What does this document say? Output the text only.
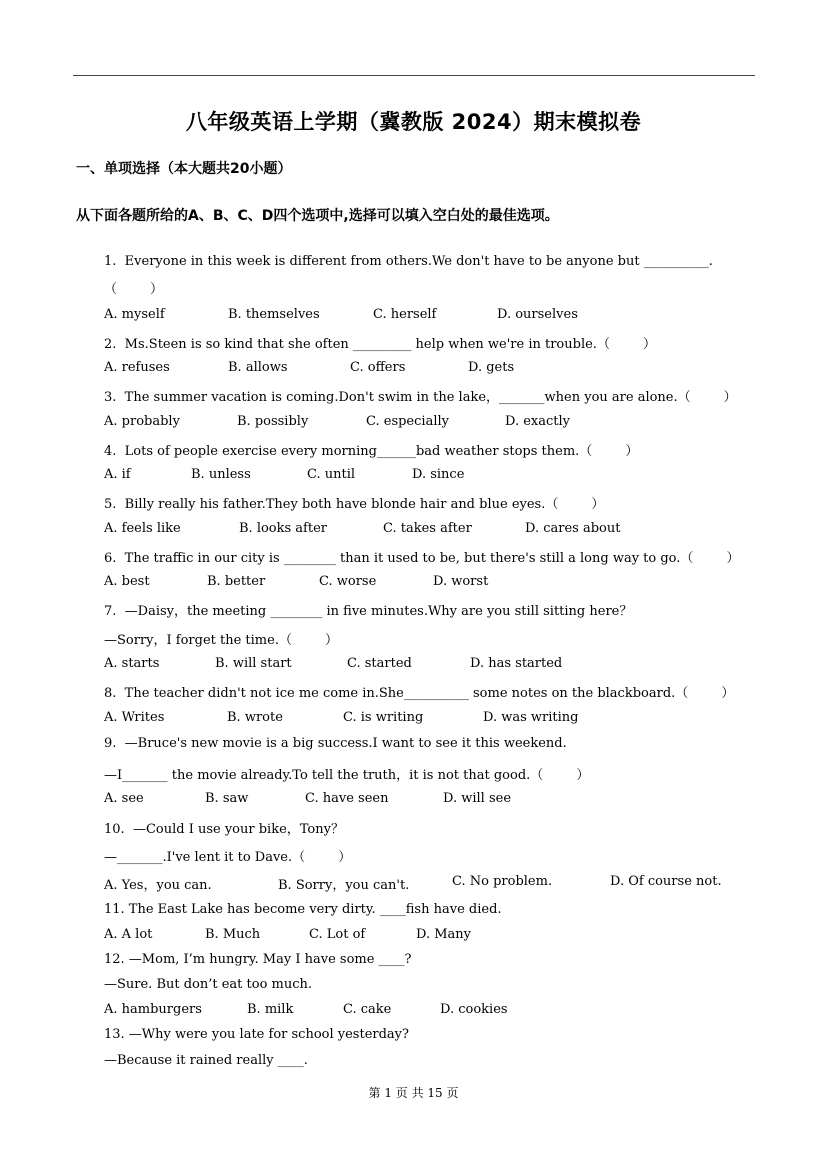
八年级英语上学期（冀教版 2024）期末模拟卷
一、单项选择（本大题共20小题）
从下面各题所给的A、B、C、D四个选项中,选择可以填入空白处的最佳选项。
1.  Everyone in this week is different from others.We don't have to be anyone but __________.
（        ）
A. myself	B. themselves	C. herself	D. ourselves
2.  Ms.Steen is so kind that she often _________ help when we're in trouble.（        ）
A. refuses	B. allows	C. offers	D. gets
3.  The summer vacation is coming.Don't swim in the lake，_______when you are alone.（        ）
A. probably	B. possibly	C. especially	D. exactly
4.  Lots of people exercise every morning______bad weather stops them.（        ）
A. if	B. unless	C. until	D. since
5.  Billy really his father.They both have blonde hair and blue eyes.（        ）
A. feels like	B. looks after	C. takes after	D. cares about
6.  The traffic in our city is ________ than it used to be, but there's still a long way to go.（        ）
A. best	B. better	C. worse	D. worst
7.  —Daisy，the meeting ________ in five minutes.Why are you still sitting here？
—Sorry，I forget the time.（        ）
A. starts	B. will start	C. started	D. has started
8.  The teacher didn't not ice me come in.She__________ some notes on the blackboard.（        ）
A. Writes	B. wrote	C. is writing	D. was writing
9.  —Bruce's new movie is a big success.I want to see it this weekend.
—I_______ the movie already.To tell the truth，it is not that good.（        ）
A. see	B. saw	C. have seen	D. will see
10.  —Could I use your bike，Tony？
—_______.I've lent it to Dave.（        ）
A. Yes，you can.	B. Sorry，you can't.	C. No problem.	D. Of course not.
11. The East Lake has become very dirty. ____fish have died.
A. A lot	B. Much	C. Lot of	D. Many
12. —Mom, I’m hungry. May I have some ____?
—Sure. But don’t eat too much.
A. hamburgers	B. milk	C. cake	D. cookies
13. —Why were you late for school yesterday?
—Because it rained really ____.
第 1 页 共 15 页
